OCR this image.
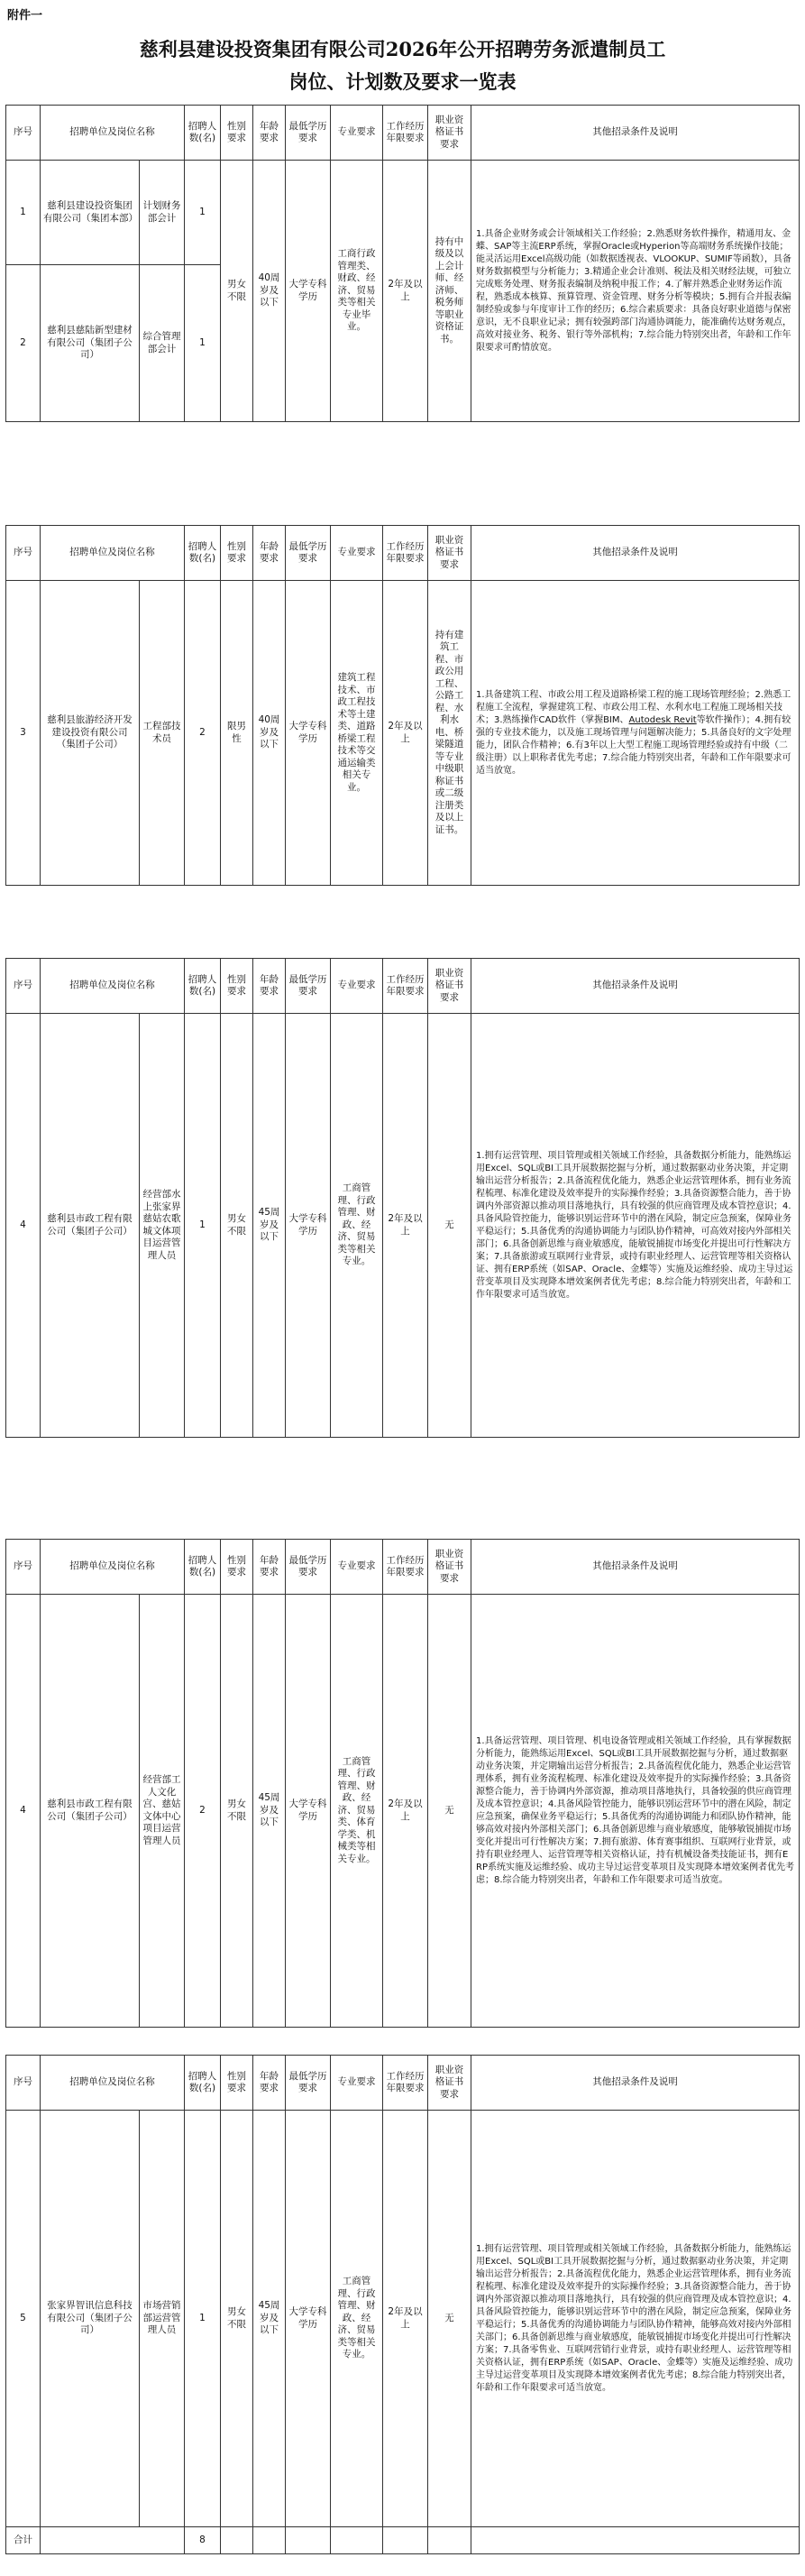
附件一
慈利县建设投资集团有限公司2026年公开招聘劳务派遣制员工
岗位、计划数及要求一览表
序号	招聘单位及岗位名称		招聘人数(名)	性别要求	年龄要求	最低学历要求	专业要求	工作经历年限要求	职业资格证书要求	其他招录条件及说明
1	慈利县建设投资集团有限公司（集团本部）	计划财务部会计	1	男女不限	40周岁及以下	大学专科学历	工商行政管理类、财政、经济、贸易类等相关专业毕业。	2年及以上	持有中级及以上会计师、经济师、税务师等职业资格证书。	1.具备企业财务或会计领域相关工作经验；2.熟悉财务软件操作，精通用友、金蝶、SAP等主流ERP系统，掌握Oracle或Hyperion等高端财务系统操作技能；能灵活运用Excel高级功能（如数据透视表、VLOOKUP、SUMIF等函数），具备财务数据模型与分析能力；3.精通企业会计准则、税法及相关财经法规，可独立完成账务处理、财务报表编制及纳税申报工作；4.了解并熟悉企业财务运作流程，熟悉成本核算、预算管理、资金管理、财务分析等模块；5.拥有合并报表编制经验或参与年度审计工作的经历；6.综合素质要求：具备良好职业道德与保密意识，无不良职业记录；拥有较强跨部门沟通协调能力，能准确传达财务观点，高效对接业务、税务、银行等外部机构；7.综合能力特别突出者，年龄和工作年限要求可酌情放宽。
2	慈利县慈陆新型建材有限公司（集团子公司）	综合管理部会计	1							
序号	招聘单位及岗位名称		招聘人数(名)	性别要求	年龄要求	最低学历要求	专业要求	工作经历年限要求	职业资格证书要求	其他招录条件及说明
3	慈利县旅游经济开发建设投资有限公司（集团子公司）	工程部技术员	2	限男性	40周岁及以下	大学专科学历	建筑工程技术、市政工程技术等土建类、道路桥梁工程技术等交通运输类相关专业。	2年及以上	持有建筑工程、市政公用工程、公路工程、水利水电、桥梁隧道等专业中级职称证书或二级注册类及以上证书。	1.具备建筑工程、市政公用工程及道路桥梁工程的施工现场管理经验；2.熟悉工程施工全流程，掌握建筑工程、市政公用工程、水利水电工程施工现场相关技术；3.熟练操作CAD软件（掌握BIM、Autodesk Revit等软件操作）；4.拥有较强的专业技术能力，以及施工现场管理与问题解决能力；5.具备良好的文字处理能力，团队合作精神；6.有3年以上大型工程施工现场管理经验或持有中级（二级注册）以上职称者优先考虑；7.综合能力特别突出者，年龄和工作年限要求可适当放宽。
序号	招聘单位及岗位名称		招聘人数(名)	性别要求	年龄要求	最低学历要求	专业要求	工作经历年限要求	职业资格证书要求	其他招录条件及说明
4	慈利县市政工程有限公司（集团子公司）	经营部水上张家界慈姑农歌城文体项目运营管理人员	1	男女不限	45周岁及以下	大学专科学历	工商管理、行政管理、财政、经济、贸易类等相关专业。	2年及以上	无	1.拥有运营管理、项目管理或相关领域工作经验，具备数据分析能力，能熟练运用Excel、SQL或BI工具开展数据挖掘与分析，通过数据驱动业务决策，并定期输出运营分析报告；2.具备流程优化能力，熟悉企业运营管理体系，拥有业务流程梳理、标准化建设及效率提升的实际操作经验；3.具备资源整合能力，善于协调内外部资源以推动项目落地执行，具有较强的供应商管理及成本管控意识；4.具备风险管控能力，能够识别运营环节中的潜在风险，制定应急预案，保障业务平稳运行；5.具备优秀的沟通协调能力与团队协作精神，可高效对接内外部相关部门；6.具备创新思维与商业敏感度，能敏锐捕捉市场变化并提出可行性解决方案；7.具备旅游或互联网行业背景，或持有职业经理人、运营管理等相关资格认证、拥有ERP系统（如SAP、Oracle、金蝶等）实施及运维经验、成功主导过运营变革项目及实现降本增效案例者优先考虑；8.综合能力特别突出者，年龄和工作年限要求可适当放宽。
序号	招聘单位及岗位名称		招聘人数(名)	性别要求	年龄要求	最低学历要求	专业要求	工作经历年限要求	职业资格证书要求	其他招录条件及说明
4	慈利县市政工程有限公司（集团子公司）	经营部工人文化宫、慈姑文体中心项目运营管理人员	2	男女不限	45周岁及以下	大学专科学历	工商管理、行政管理、财政、经济、贸易类、体育学类、机械类等相关专业。	2年及以上	无	1.具备运营管理、项目管理、机电设备管理或相关领域工作经验，具有掌握数据分析能力，能熟练运用Excel、SQL或BI工具开展数据挖掘与分析，通过数据驱动业务决策，并定期输出运营分析报告；2.具备流程优化能力，熟悉企业运营管理体系，拥有业务流程梳理、标准化建设及效率提升的实际操作经验；3.具备资源整合能力，善于协调内外部资源，推动项目落地执行，具备较强的供应商管理及成本管控意识；4.具备风险管控能力，能够识别运营环节中的潜在风险，制定应急预案，确保业务平稳运行；5.具备优秀的沟通协调能力和团队协作精神，能够高效对接内外部相关部门；6.具备创新思维与商业敏感度，能够敏锐捕捉市场变化并提出可行性解决方案；7.拥有旅游、体育赛事组织、互联网行业背景，或持有职业经理人、运营管理等相关资格认证，持有机械设备类技能证书，拥有ERP系统实施及运维经验、成功主导过运营变革项目及实现降本增效案例者优先考虑；8.综合能力特别突出者，年龄和工作年限要求可适当放宽。
序号	招聘单位及岗位名称		招聘人数(名)	性别要求	年龄要求	最低学历要求	专业要求	工作经历年限要求	职业资格证书要求	其他招录条件及说明
5	张家界智讯信息科技有限公司（集团子公司）	市场营销部运营管理人员	1	男女不限	45周岁及以下	大学专科学历	工商管理、行政管理、财政、经济、贸易类等相关专业。	2年及以上	无	1.拥有运营管理、项目管理或相关领域工作经验，具备数据分析能力，能熟练运用Excel、SQL或BI工具开展数据挖掘与分析，通过数据驱动业务决策，并定期输出运营分析报告；2.具备流程优化能力，熟悉企业运营管理体系，拥有业务流程梳理、标准化建设及效率提升的实际操作经验；3.具备资源整合能力，善于协调内外部资源以推动项目落地执行，具有较强的供应商管理及成本管控意识；4.具备风险管控能力，能够识别运营环节中的潜在风险，制定应急预案，保障业务平稳运行；5.具备优秀的沟通协调能力与团队协作精神，能够高效对接内外部相关部门；6.具备创新思维与商业敏感度，能敏锐捕捉市场变化并提出可行性解决方案；7.具备零售业、互联网营销行业背景，或持有职业经理人、运营管理等相关资格认证，拥有ERP系统（如SAP、Oracle、金蝶等）实施及运维经验、成功主导过运营变革项目及实现降本增效案例者优先考虑；8.综合能力特别突出者，年龄和工作年限要求可适当放宽。
合计			8							
